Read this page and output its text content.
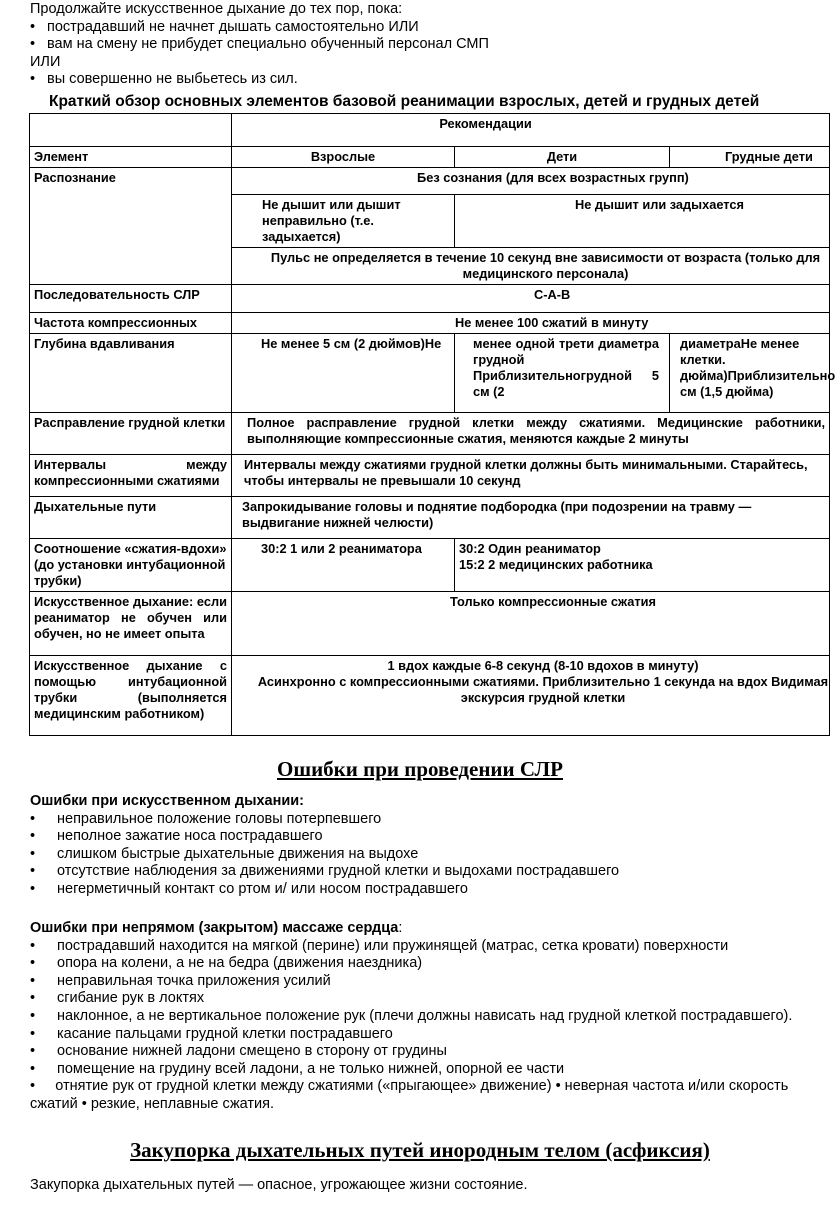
Продолжайте искусственное дыхание до тех пор, пока:
• пострадавший не начнет дышать самостоятельно ИЛИ
• вам на смену не прибудет специально обученный персонал СМП
ИЛИ
• вы совершенно не выбьетесь из сил.
Краткий обзор основных элементов базовой реанимации взрослых, детей и грудных детей
	Рекомендации		
Элемент	Взрослые	Дети	Грудные дети
Распознание	Без сознания (для всех возрастных групп)		
	Не дышит или дышит неправильно (т.е. задыхается)	Не дышит или задыхается	
	Пульс не определяется в течение 10 секунд вне зависимости от возраста (только для медицинского персонала)		
Последовательность СЛР	C-A-B		
Частота компрессионных	Не менее 100 сжатий в минуту		
Глубина вдавливания	Не менее 5 см (2 дюймов)Не	менее одной трети диаметра грудной Приблизительногрудной 5 см (2	диаметраНе менее клетки. дюйма)Приблизительно см (1,5 дюйма)
Расправление грудной клетки	Полное расправление грудной клетки между сжатиями. Медицинские работники, выполняющие компрессионные сжатия, меняются каждые 2 минуты		
Интервалы между компрессионными сжатиями	Интервалы между сжатиями грудной клетки должны быть минимальными. Старайтесь, чтобы интервалы не превышали 10 секунд		
Дыхательные пути	Запрокидывание головы и поднятие подбородка (при подозрении на травму — выдвигание нижней челюсти)		
Соотношение «сжатия-вдохи» (до установки интубационной трубки)	30:2 1 или 2 реаниматора	30:2 Один реаниматор
15:2 2 медицинских работника	

Искусственное дыхание: если реаниматор не обучен или обучен, но не имеет опыта	Только компрессионные сжатия		
Искусственное дыхание с помощью интубационной трубки (выполняется медицинским работником)	1 вдох каждые 6-8 секунд (8-10 вдохов в минуту)
Асинхронно с компрессионными сжатиями. Приблизительно 1 секунда на вдох Видимая экскурсия грудной клетки		
Ошибки при проведении СЛР
Ошибки при искусственном дыхании:
• неправильное положение головы потерпевшего
• неполное зажатие носа пострадавшего
• слишком быстрые дыхательные движения на выдохе
• отсутствие наблюдения за движениями грудной клетки и выдохами пострадавшего
• негерметичный контакт со ртом и/ или носом пострадавшего
Ошибки при непрямом (закрытом) массаже сердца:
• пострадавший находится на мягкой (перине) или пружинящей (матрас, сетка кровати) поверхности
• опора на колени, а не на бедра (движения наездника)
• неправильная точка приложения усилий
• сгибание рук в локтях
• наклонное, а не вертикальное положение рук (плечи должны нависать над грудной клеткой пострадавшего).
• касание пальцами грудной клетки пострадавшего
• основание нижней ладони смещено в сторону от грудины
• помещение на грудину всей ладони, а не только нижней, опорной ее части
•     отнятие рук от грудной клетки между сжатиями («прыгающее» движение) • неверная частота и/или скорость сжатий • резкие, неплавные сжатия.
Закупорка дыхательных путей инородным телом (асфиксия)
Закупорка дыхательных путей — опасное, угрожающее жизни состояние.
